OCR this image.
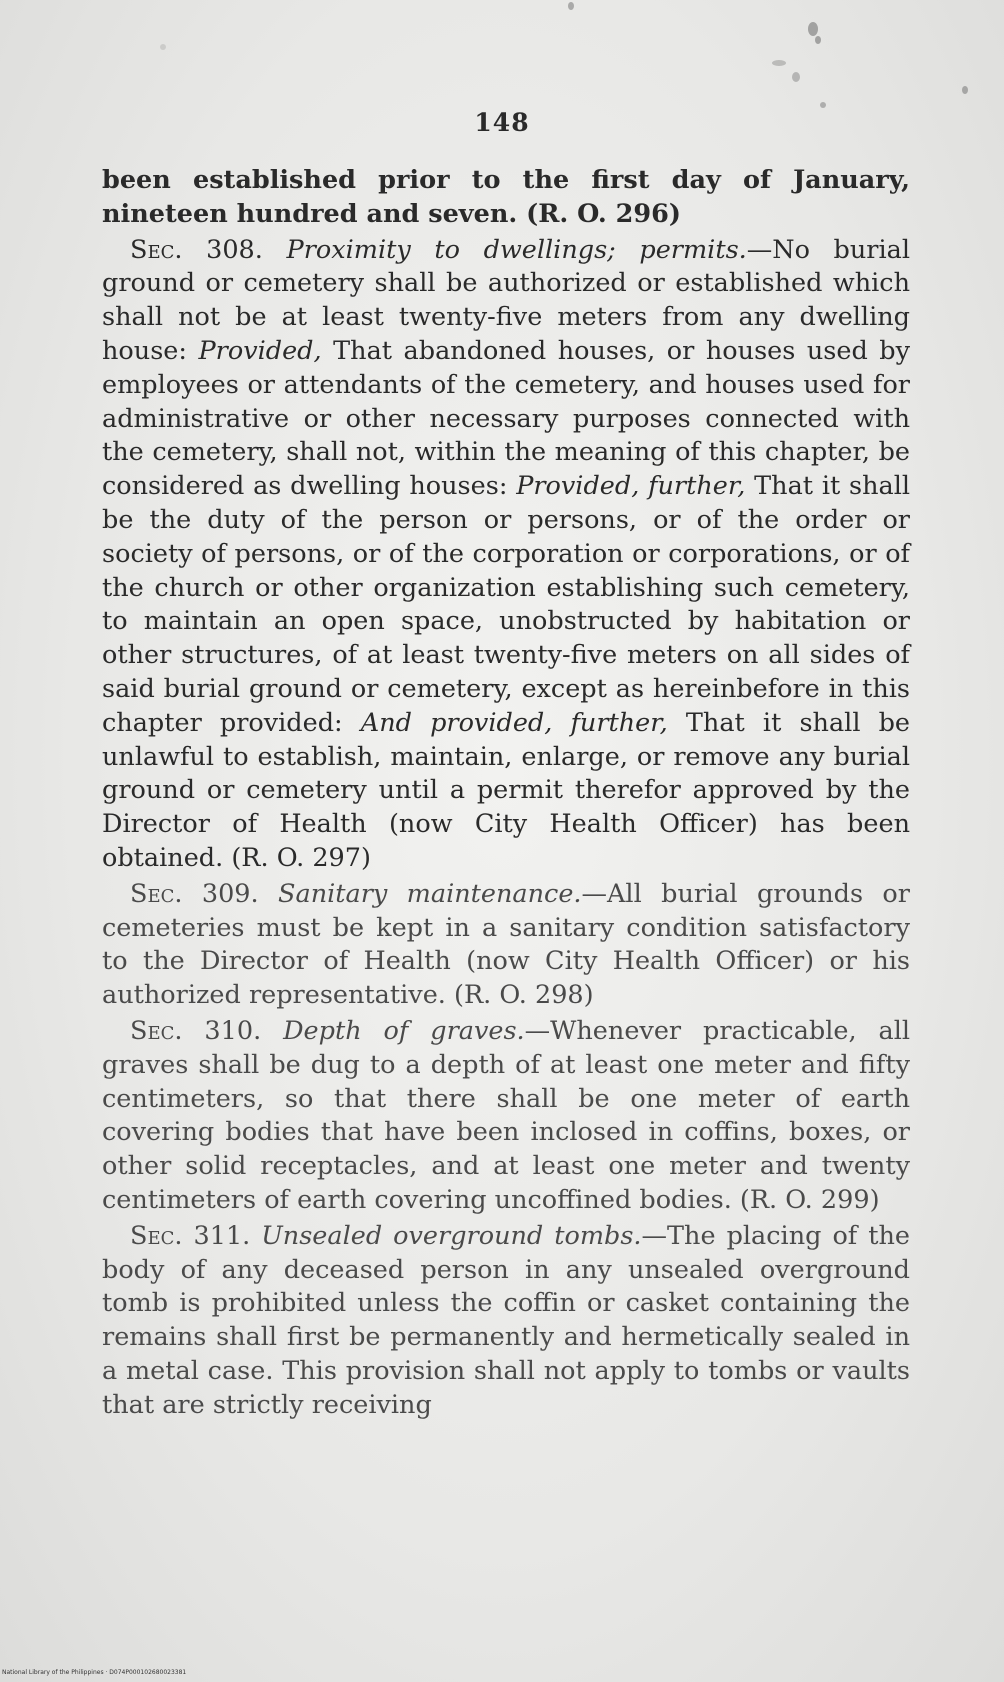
148

been established prior to the first day of January, nineteen hundred and seven. (R. O. 296)

Sec. 308. Proximity to dwellings; permits.—No burial ground or cemetery shall be authorized or established which shall not be at least twenty-five meters from any dwelling house: Provided, That abandoned houses, or houses used by employees or attendants of the cemetery, and houses used for administrative or other necessary purposes connected with the cemetery, shall not, within the meaning of this chapter, be considered as dwelling houses: Provided, further, That it shall be the duty of the person or persons, or of the order or society of persons, or of the corporation or corporations, or of the church or other organization establishing such cemetery, to maintain an open space, unobstructed by habitation or other structures, of at least twenty-five meters on all sides of said burial ground or cemetery, except as hereinbefore in this chapter provided: And provided, further, That it shall be unlawful to establish, maintain, enlarge, or remove any burial ground or cemetery until a permit therefor approved by the Director of Health (now City Health Officer) has been obtained. (R. O. 297)

Sec. 309. Sanitary maintenance.—All burial grounds or cemeteries must be kept in a sanitary condition satisfactory to the Director of Health (now City Health Officer) or his authorized representative. (R. O. 298)

Sec. 310. Depth of graves.—Whenever practicable, all graves shall be dug to a depth of at least one meter and fifty centimeters, so that there shall be one meter of earth covering bodies that have been inclosed in coffins, boxes, or other solid receptacles, and at least one meter and twenty centimeters of earth covering uncoffined bodies. (R. O. 299)

Sec. 311. Unsealed overground tombs.—The placing of the body of any deceased person in any unsealed overground tomb is prohibited unless the coffin or casket containing the remains shall first be permanently and hermetically sealed in a metal case. This provision shall not apply to tombs or vaults that are strictly receiving

National Library of the Philippines · D074P000102680023381
